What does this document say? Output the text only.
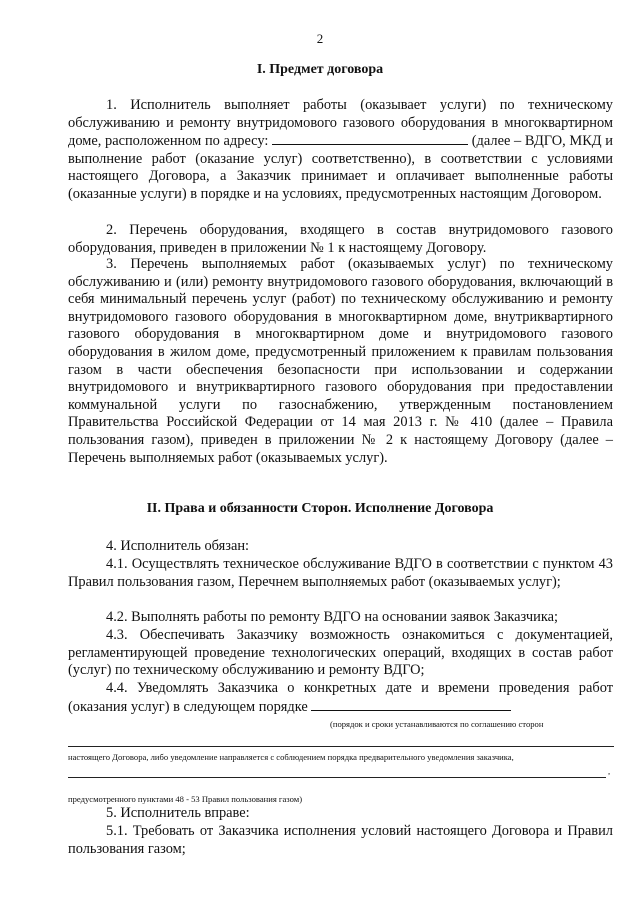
2
I. Предмет договора

1. Исполнитель выполняет работы (оказывает услуги) по техническому обслуживанию и ремонту внутридомового газового оборудования в многоквартирном доме, расположенном по адресу:	(далее – ВДГО, МКД и выполнение работ (оказание услуг) соответственно), в соответствии с условиями настоящего Договора, а Заказчик принимает и оплачивает выполненные работы (оказанные услуги) в порядке и на условиях, предусмотренных настоящим Договором.

2. Перечень оборудования, входящего в состав внутридомового газового оборудования, приведен в приложении № 1 к настоящему Договору.

3. Перечень выполняемых работ (оказываемых услуг) по техническому обслуживанию и (или) ремонту внутридомового газового оборудования, включающий в себя минимальный перечень услуг (работ) по техническому обслуживанию и ремонту внутридомового газового оборудования в многоквартирном доме, внутриквартирного газового оборудования в многоквартирном доме и внутридомового газового оборудования в жилом доме, предусмотренный приложением к правилам пользования газом в части обеспечения безопасности при использовании и содержании внутридомового и внутриквартирного газового оборудования при предоставлении коммунальной услуги по газоснабжению, утвержденным постановлением Правительства Российской Федерации от 14 мая 2013 г. № 410 (далее – Правила пользования газом), приведен в приложении № 2 к настоящему Договору (далее – Перечень выполняемых работ (оказываемых услуг).

II. Права и обязанности Сторон. Исполнение Договора

4. Исполнитель обязан:

4.1. Осуществлять техническое обслуживание ВДГО в соответствии с пунктом 43 Правил пользования газом, Перечнем выполняемых работ (оказываемых услуг);

4.2. Выполнять работы по ремонту ВДГО на основании заявок Заказчика;

4.3. Обеспечивать Заказчику возможность ознакомиться с документацией, регламентирующей проведение технологических операций, входящих в состав работ (услуг) по техническому обслуживанию и ремонту ВДГО;

4.4. Уведомлять Заказчика о конкретных дате и времени проведения работ (оказания услуг) в следующем порядке

(порядок и сроки устанавливаются по соглашению сторон
настоящего Договора, либо уведомление направляется с соблюдением порядка предварительного уведомления заказчика,
,
предусмотренного пунктами 48 - 53 Правил пользования газом)

5. Исполнитель вправе:

5.1. Требовать от Заказчика исполнения условий настоящего Договора и Правил пользования газом;
